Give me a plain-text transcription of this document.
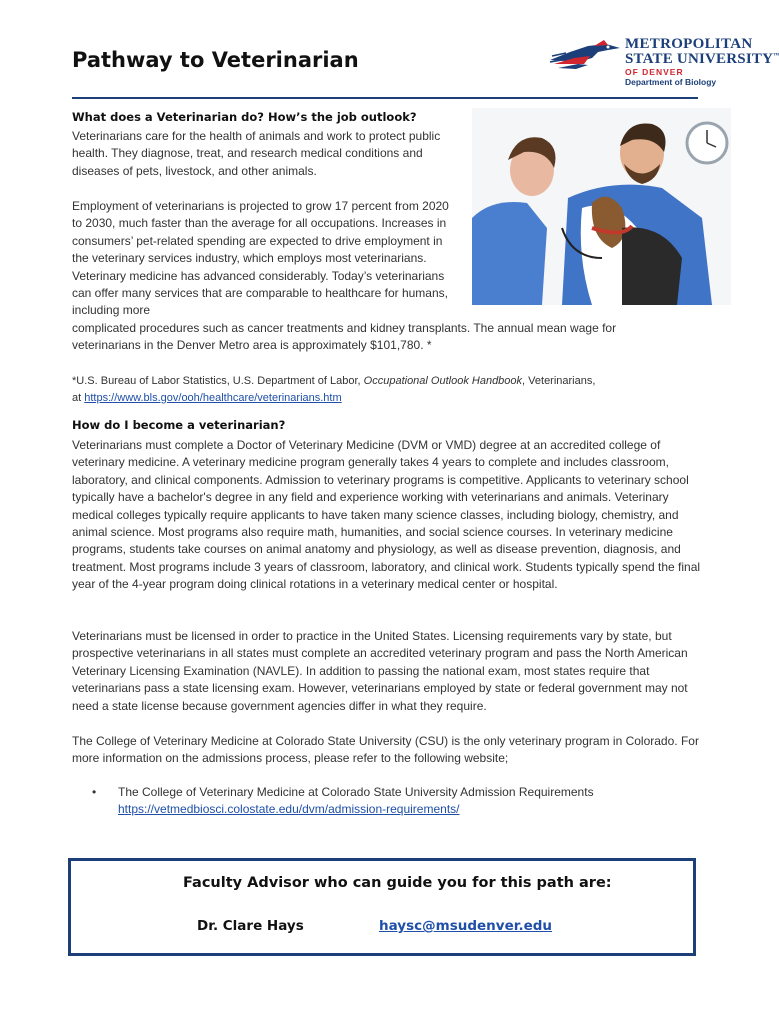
Pathway to Veterinarian
METROPOLITAN
STATE UNIVERSITY™
OF DENVER
Department of Biology
What does a Veterinarian do? How’s the job outlook?

Veterinarians care for the health of animals and work to protect public health. They diagnose, treat, and research medical conditions and diseases of pets, livestock, and other animals.

Employment of veterinarians is projected to grow 17 percent from 2020 to 2030, much faster than the average for all occupations. Increases in consumers’ pet-related spending are expected to drive employment in the veterinary services industry, which employs most veterinarians. Veterinary medicine has advanced considerably. Today’s veterinarians can offer many services that are comparable to healthcare for humans, including more

complicated procedures such as cancer treatments and kidney transplants. The annual mean wage for veterinarians in the Denver Metro area is approximately $101,780. *

*U.S. Bureau of Labor Statistics, U.S. Department of Labor, Occupational Outlook Handbook, Veterinarians,
at https://www.bls.gov/ooh/healthcare/veterinarians.htm
How do I become a veterinarian?

Veterinarians must complete a Doctor of Veterinary Medicine (DVM or VMD) degree at an accredited college of veterinary medicine. A veterinary medicine program generally takes 4 years to complete and includes classroom, laboratory, and clinical components. Admission to veterinary programs is competitive. Applicants to veterinary school typically have a bachelor's degree in any field and experience working with veterinarians and animals. Veterinary medical colleges typically require applicants to have taken many science classes, including biology, chemistry, and animal science. Most programs also require math, humanities, and social science courses. In veterinary medicine programs, students take courses on animal anatomy and physiology, as well as disease prevention, diagnosis, and treatment. Most programs include 3 years of classroom, laboratory, and clinical work. Students typically spend the final year of the 4-year program doing clinical rotations in a veterinary medical center or hospital.

Veterinarians must be licensed in order to practice in the United States. Licensing requirements vary by state, but prospective veterinarians in all states must complete an accredited veterinary program and pass the North American Veterinary Licensing Examination (NAVLE). In addition to passing the national exam, most states require that veterinarians pass a state licensing exam. However, veterinarians employed by state or federal government may not need a state license because government agencies differ in what they require.

The College of Veterinary Medicine at Colorado State University (CSU) is the only veterinary program in Colorado. For more information on the admissions process, please refer to the following website;

• The College of Veterinary Medicine at Colorado State University Admission Requirements
https://vetmedbiosci.colostate.edu/dvm/admission-requirements/
Faculty Advisor who can guide you for this path are:
Dr. Clare Hays	haysc@msudenver.edu
